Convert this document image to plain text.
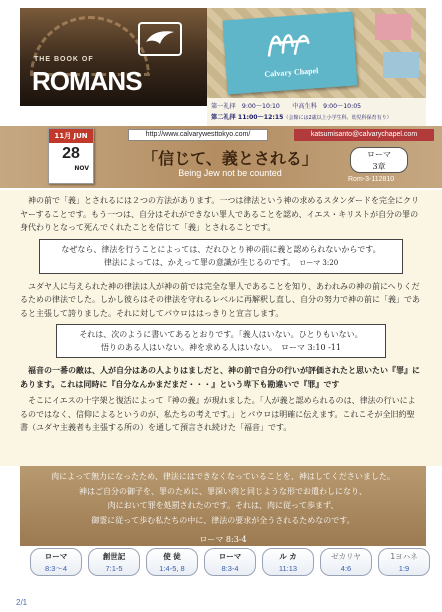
THE BOOK OF
ROMANS	Calvary Chapel
第一礼拝　9:00〜10:10　　中高生科　9:00〜10:05
第二礼拝 11:00〜12:15（会館には2歳以上小学生科、幼児科保育有り）
11月 JUN
28
NOV
http://www.calvarywesttokyo.com/	katsumisanto@calvarychapel.com
「信じて、義とされる」
Being Jew not be counted
ローマ
3章
Rom-3-112810

神の前で「義」とされるには２つの方法があります。一つは律法という神の求めるスタンダードを完全にクリヤーすることです。もう一つは、自分はそれができない罪人であることを認め、イエス・キリストが自分の罪の身代わりとなって死んでくれたことを信じて「義」とされることです。

なぜなら、律法を行うことによっては、だれひとり神の前に義と認められないからです。
律法によっては、かえって罪の意識が生じるのです。　 ローマ 3:20

ユダヤ人に与えられた神の律法は人が神の前では完全な罪人であることを知り、あわれみの神の前にへりくだるための律法でした。しかし彼らはその律法を守れるレベルに再解釈し直し、自分の努力で神の前に「義」であると主張して誇りました。それに対してパウロははっきりと宣言します。

それは、次のように書いてあるとおりです。「義人はいない。ひとりもいない。
悟りのある人はいない。神を求める人はいない。　 ローマ 3:10 -11

福音の一番の敵は、人が自分はあの人よりはましだと、神の前で自分の行いが評価されたと思いたい『罪』にあります。これは同時に『自分なんかまだまだ・・・』という卑下も勘違いで『罪』です

そこにイエスの十字架と復活によって『神の義』が現れました。「人が義と認められるのは、律法の行いによるのではなく、信仰によるというのが、私たちの考えです。」とパウロは明確に伝えます。これこそが全旧約聖書（ユダヤ主義者も主張する所の）を通して預言され続けた「福音」です。

肉によって無力になったため、律法にはできなくなっていることを、神はしてくださいました。
神はご自分の御子を、罪のために、罪深い肉と同じような形でお遣わしになり、
肉において罪を処罰されたのです。それは、肉に従って歩まず、
御霊に従って歩む私たちの中に、律法の要求が全うされるためなのです。
ローマ 8:3-4
ローマ
8:3〜4
創世記
7:1-5
使 徒
1:4-5, 8
ローマ
8:3-4
ル カ
11:13
ゼカリヤ
4:6
1ヨハネ
1:9
2/1
